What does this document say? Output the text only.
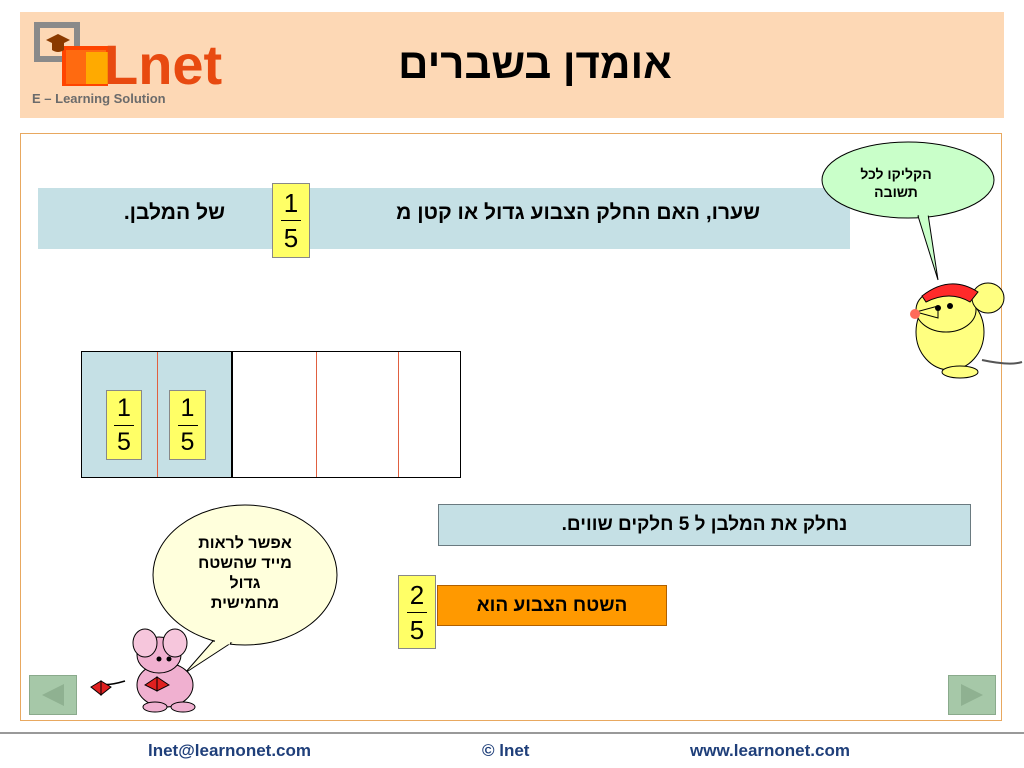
Lnet
E – Learning Solution
אומדן בשברים
שערו, האם החלק הצבוע גדול או קטן מ
של המלבן.	1
5
הקליקו לכל
תשובה
1
5
1
5
נחלק את המלבן ל 5 חלקים שווים.
2
5
השטח הצבוע הוא
אפשר לראות
מייד שהשטח
גדול
מחמישית
lnet@learnonet.com	© lnet	www.learnonet.com
